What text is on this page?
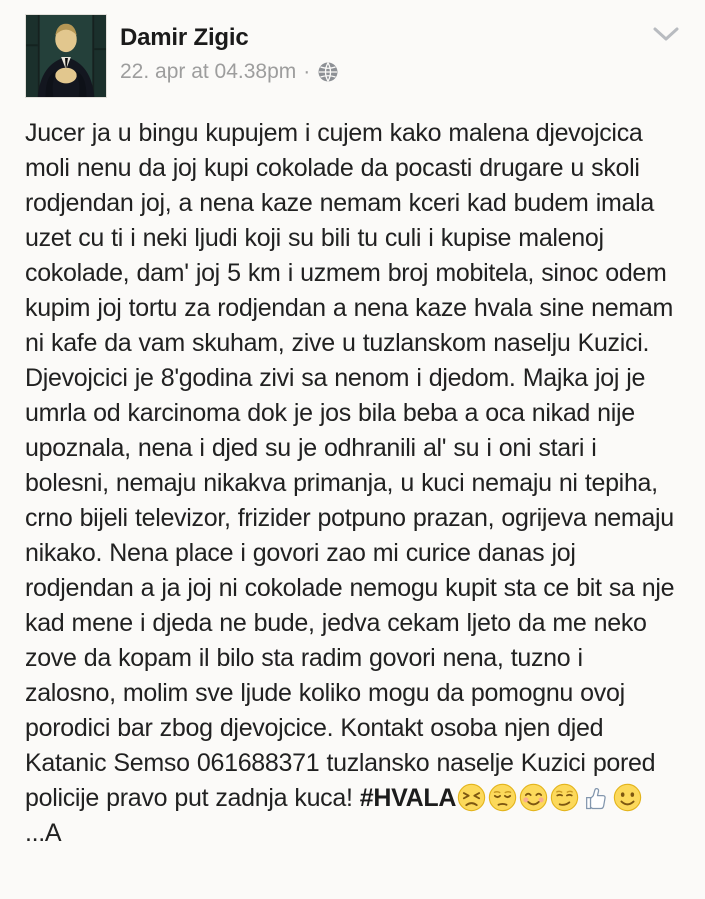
Damir Zigic
22. apr at 04.38pm ·
Jucer ja u bingu kupujem i cujem kako malena djevojcica moli nenu da joj kupi cokolade da pocasti drugare u skoli rodjendan joj, a nena kaze nemam kceri kad budem imala uzet cu ti i neki ljudi koji su bili tu culi i kupise malenoj cokolade, dam' joj 5 km i uzmem broj mobitela, sinoc odem kupim joj tortu za rodjendan a nena kaze hvala sine nemam ni kafe da vam skuham, zive u tuzlanskom naselju Kuzici. Djevojcici je 8'godina zivi sa nenom i djedom. Majka joj je umrla od karcinoma dok je jos bila beba a oca nikad nije upoznala, nena i djed su je odhranili al' su i oni stari i bolesni, nemaju nikakva primanja, u kuci nemaju ni tepiha, crno bijeli televizor, frizider potpuno prazan, ogrijeva nemaju nikako. Nena place i govori zao mi curice danas joj rodjendan a ja joj ni cokolade nemogu kupit sta ce bit sa nje kad mene i djeda ne bude, jedva cekam ljeto da me neko zove da kopam il bilo sta radim govori nena, tuzno i zalosno, molim sve ljude koliko mogu da pomognu ovoj porodici bar zbog djevojcice. Kontakt osoba njen djed Katanic Semso 061688371 tuzlansko naselje Kuzici pored policije pravo put zadnja kuca! #HVALA
...A
